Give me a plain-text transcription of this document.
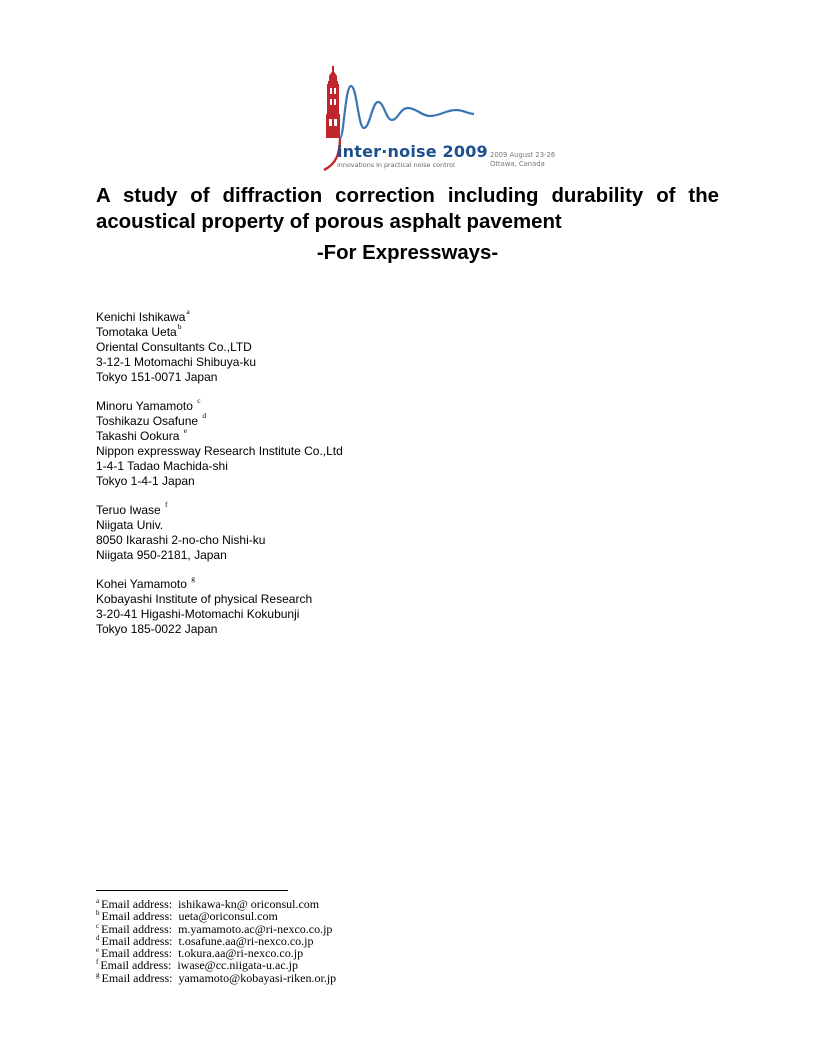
inter·noise 2009
innovations in practical noise control
2009 August 23-26
Ottawa, Canada
A study of diffraction correction including durability of the acoustical property of porous asphalt pavement
-For Expressways-
Kenichi Ishikawa$^a$
Tomotaka Ueta$^b$
Oriental Consultants Co.,LTD
3-12-1 Motomachi Shibuya-ku
Tokyo 151-0071 Japan
Minoru Yamamoto $^c$
Toshikazu Osafune $^d$
Takashi Ookura $^e$
Nippon expressway Research Institute Co.,Ltd
1-4-1 Tadao Machida-shi
Tokyo 1-4-1 Japan
Teruo Iwase $^f$
Niigata Univ.
8050 Ikarashi 2-no-cho Nishi-ku
Niigata 950-2181, Japan
Kohei Yamamoto $^g$
Kobayashi Institute of physical Research
3-20-41 Higashi-Motomachi Kokubunji
Tokyo 185-0022 Japan
$^a$ Email address: ishikawa-kn@ oriconsul.com
$^b$ Email address: ueta@oriconsul.com
$^c$ Email address: m.yamamoto.ac@ri-nexco.co.jp
$^d$ Email address: t.osafune.aa@ri-nexco.co.jp
$^e$ Email address: t.okura.aa@ri-nexco.co.jp
$^f$ Email address: iwase@cc.niigata-u.ac.jp
$^g$ Email address: yamamoto@kobayasi-riken.or.jp
